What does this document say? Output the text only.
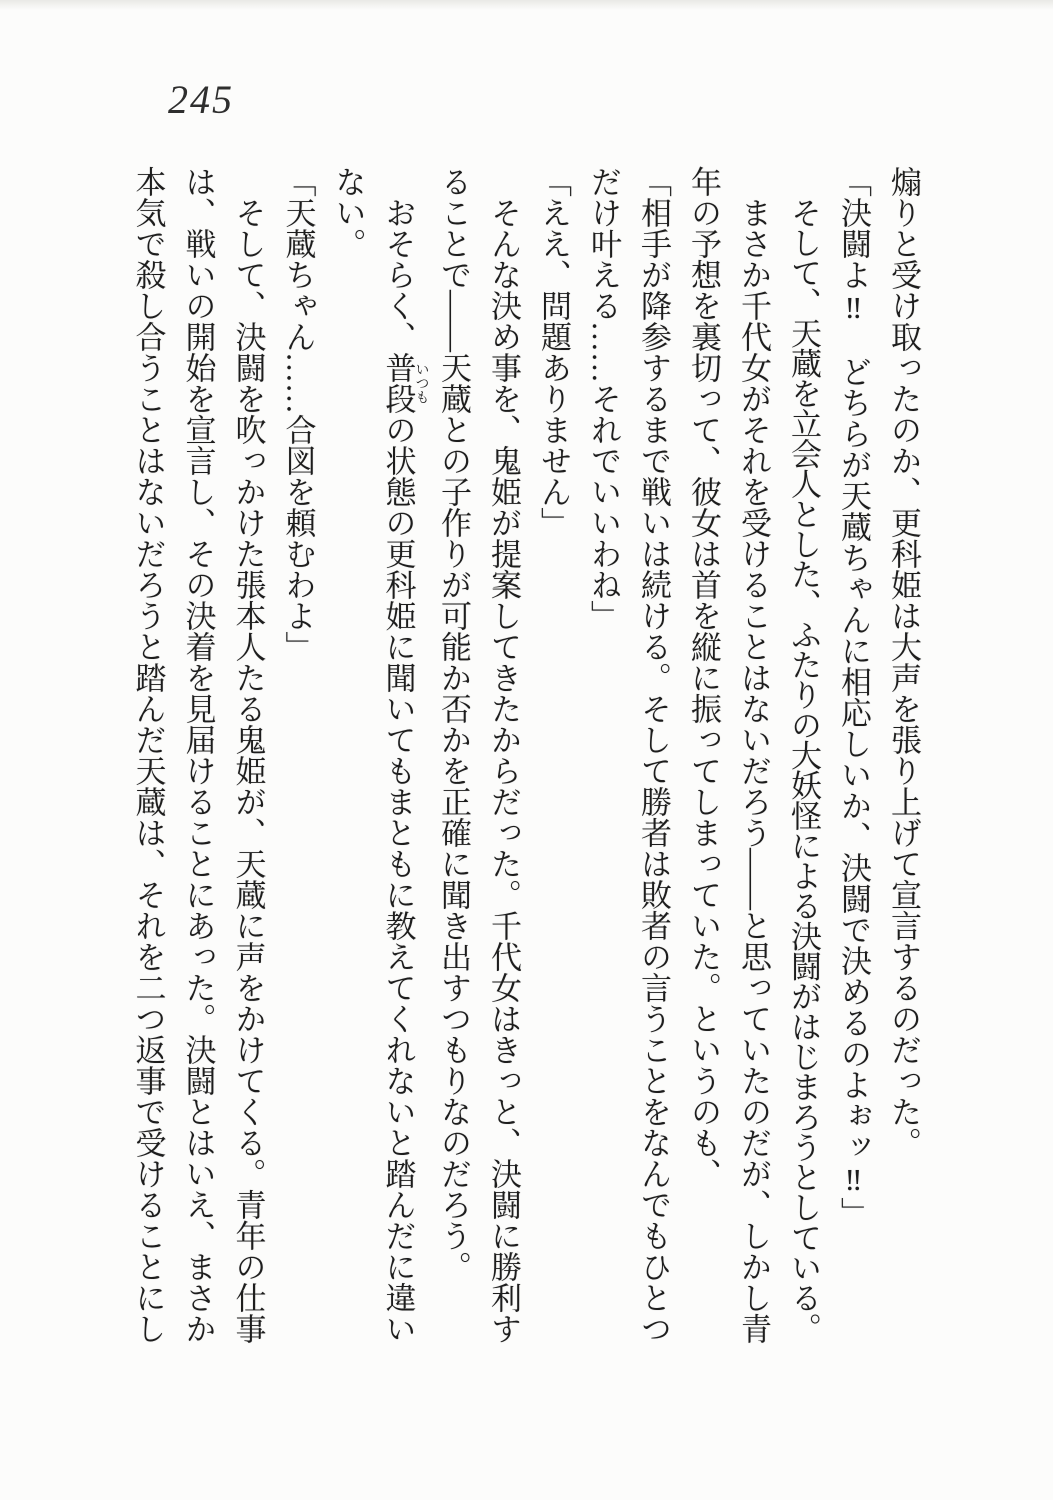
245

煽りと受け取ったのか、更科姫は大声を張り上げて宣言するのだった。

「決闘よ‼　どちらが天蔵ちゃんに相応しいか、決闘で決めるのよぉッ‼」

そして、天蔵を立会人とした、ふたりの大妖怪による決闘がはじまろうとしている。

まさか千代女がそれを受けることはないだろう――と思っていたのだが、しかし青年の予想を裏切って、彼女は首を縦に振ってしまっていた。というのも、

「相手が降参するまで戦いは続ける。そして勝者は敗者の言うことをなんでもひとつだけ叶える……それでいいわね」

「ええ、問題ありません」

そんな決め事を、鬼姫が提案してきたからだった。千代女はきっと、決闘に勝利することで――天蔵との子作りが可能か否かを正確に聞き出すつもりなのだろう。

おそらく、普段いつもの状態の更科姫に聞いてもまともに教えてくれないと踏んだに違いない。

「天蔵ちゃん……合図を頼むわよ」

そして、決闘を吹っかけた張本人たる鬼姫が、天蔵に声をかけてくる。青年の仕事は、戦いの開始を宣言し、その決着を見届けることにあった。決闘とはいえ、まさか本気で殺し合うことはないだろうと踏んだ天蔵は、それを二つ返事で受けることにし
